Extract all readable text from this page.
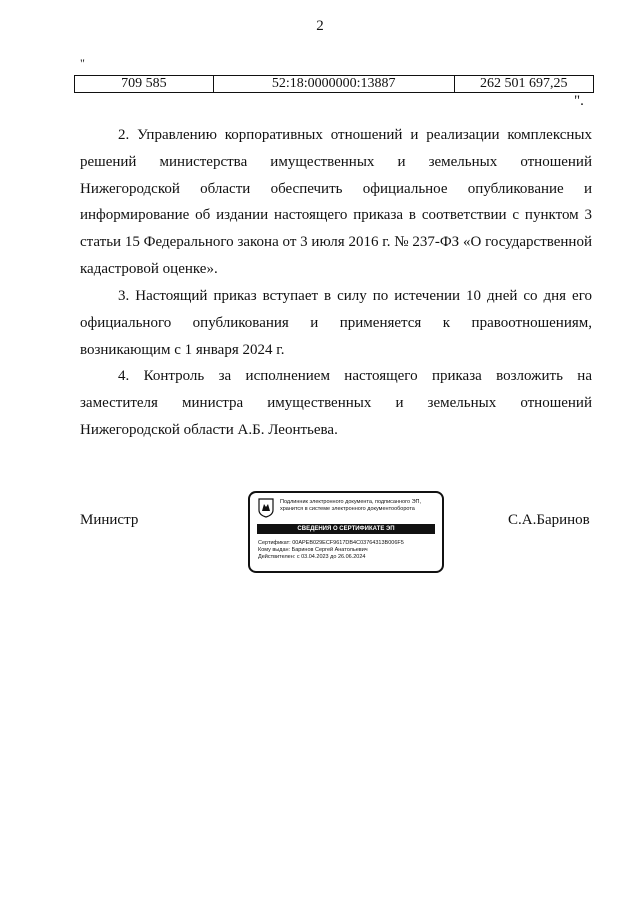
2
"
709 585	52:18:0000000:13887	262 501 697,25
".

2. Управлению корпоративных отношений и реализации комплексных решений министерства имущественных и земельных отношений Нижегородской области обеспечить официальное опубликование и информирование об издании настоящего приказа в соответствии с пунктом 3 статьи 15 Федерального закона от 3 июля 2016 г. № 237-ФЗ «О государственной кадастровой оценке».

3. Настоящий приказ вступает в силу по истечении 10 дней со дня его официального опубликования и применяется к правоотношениям, возникающим с 1 января 2024 г.

4. Контроль за исполнением настоящего приказа возложить на заместителя министра имущественных и земельных отношений Нижегородской области А.Б. Леонтьева.

Министр	С.А.Баринов
Подлинник электронного документа, подписанного ЭП,
хранится в системе электронного документооборота
СВЕДЕНИЯ О СЕРТИФИКАТЕ ЭП
Сертификат: 00APEB029ECF9617DB4C03764313B006F5
Кому выдан: Баринов Сергей Анатольевич
Действителен: с 03.04.2023 до 26.06.2024
